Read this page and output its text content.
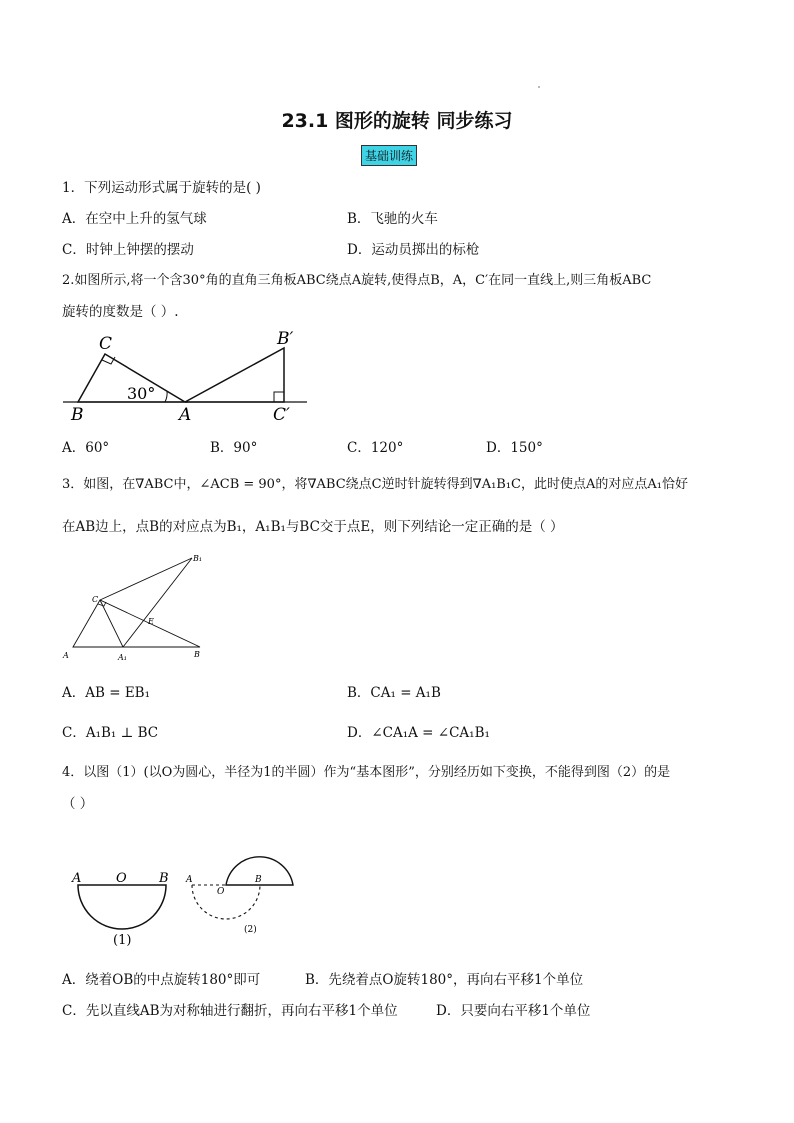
23.1 图形的旋转 同步练习
基础训练
1．下列运动形式属于旋转的是( )
A．在空中上升的氢气球	B．飞驰的火车
C．时钟上钟摆的摆动	D．运动员掷出的标枪
2.如图所示,将一个含30°角的直角三角板ABC绕点A旋转,使得点B，A，C′在同一直线上,则三角板ABC
旋转的度数是（ ）.
C
B	A
B′
C′
30°
A．60°	B．90°	C．120°	D．150°
3．如图，在∇ABC中，∠ACB = 90°，将∇ABC绕点C逆时针旋转得到∇A₁B₁C，此时使点A的对应点A₁恰好
在AB边上，点B的对应点为B₁，A₁B₁与BC交于点E，则下列结论一定正确的是（ ）
B₁
C
E
A	A₁	B
A．AB = EB₁	B．CA₁ = A₁B
C．A₁B₁ ⊥ BC	D．∠CA₁A = ∠CA₁B₁
4．以图（1）(以O为圆心，半径为1的半圆）作为“基本图形”，分别经历如下变换，不能得到图（2）的是
（ ）
A	O B
(1)
A
O
B
(2)
A．绕着OB的中点旋转180°即可	B．先绕着点O旋转180°，再向右平移1个单位
C．先以直线AB为对称轴进行翻折，再向右平移1个单位	D．只要向右平移1个单位
